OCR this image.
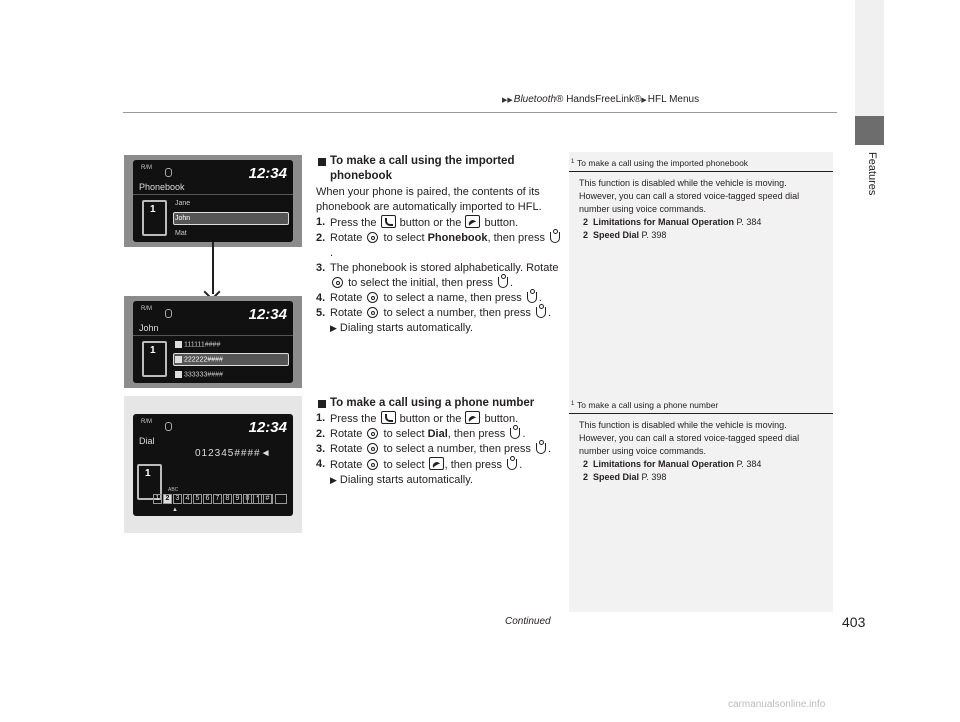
▶▶Bluetooth® HandsFreeLink®▶HFL Menus
Features
R/M	12:34
Phonebook
1
Jane
John
Mat
R/M	12:34
John
1
111111####
222222####
333333####
R/M	12:34
Dial
012345####◄
1
ABC
1 2 3 4 5 6 7 8 9 0 * #
▲
To make a call using the imported phonebook
When your phone is paired, the contents of its phonebook are automatically imported to HFL.
1. Press the button or the button.
2. Rotate to select Phonebook, then press .
3. The phonebook is stored alphabetically. Rotate  to select the initial, then press .
4. Rotate to select a name, then press .
5. Rotate to select a number, then press .
▶ Dialing starts automatically.
To make a call using a phone number
1. Press the button or the button.
2. Rotate to select Dial, then press .
3. Rotate to select a number, then press .
4. Rotate to select , then press .
▶ Dialing starts automatically.
1 To make a call using the imported phonebook
This function is disabled while the vehicle is moving. However, you can call a stored voice-tagged speed dial number using voice commands.
2 Limitations for Manual Operation P. 384
2 Speed Dial P. 398
1 To make a call using a phone number
This function is disabled while the vehicle is moving. However, you can call a stored voice-tagged speed dial number using voice commands.
2 Limitations for Manual Operation P. 384
2 Speed Dial P. 398
Continued	403
carmanualsonline.info
